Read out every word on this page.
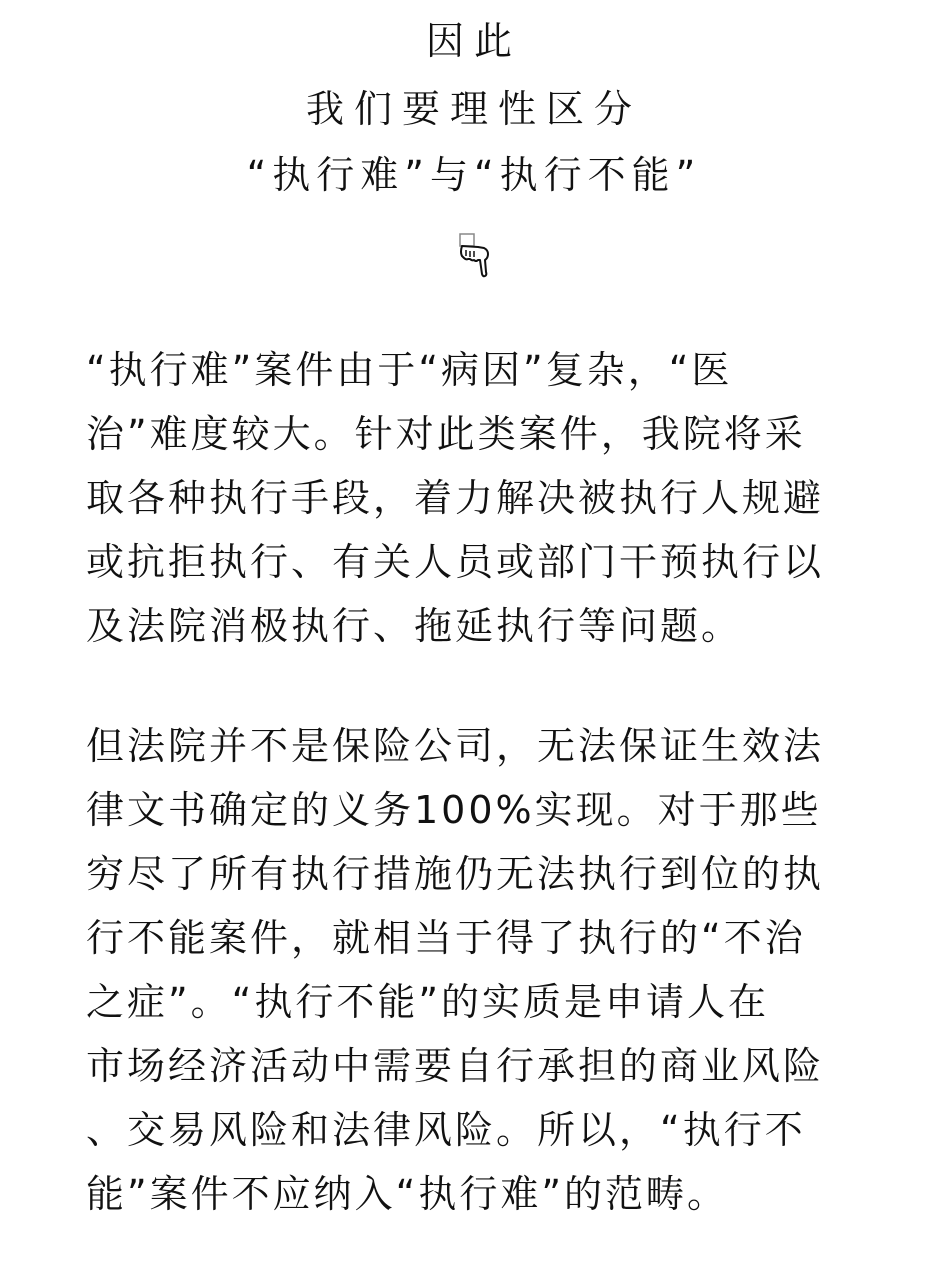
因此
我们要理性区分
“执行难”与“执行不能”
“执行难”案件由于“病因”复杂，“医
治”难度较大。针对此类案件，我院将采
取各种执行手段，着力解决被执行人规避
或抗拒执行、有关人员或部门干预执行以
及法院消极执行、拖延执行等问题。
但法院并不是保险公司，无法保证生效法
律文书确定的义务100%实现。对于那些
穷尽了所有执行措施仍无法执行到位的执
行不能案件，就相当于得了执行的“不治
之症”。“执行不能”的实质是申请人在
市场经济活动中需要自行承担的商业风险
、交易风险和法律风险。所以，“执行不
能”案件不应纳入“执行难”的范畴。
